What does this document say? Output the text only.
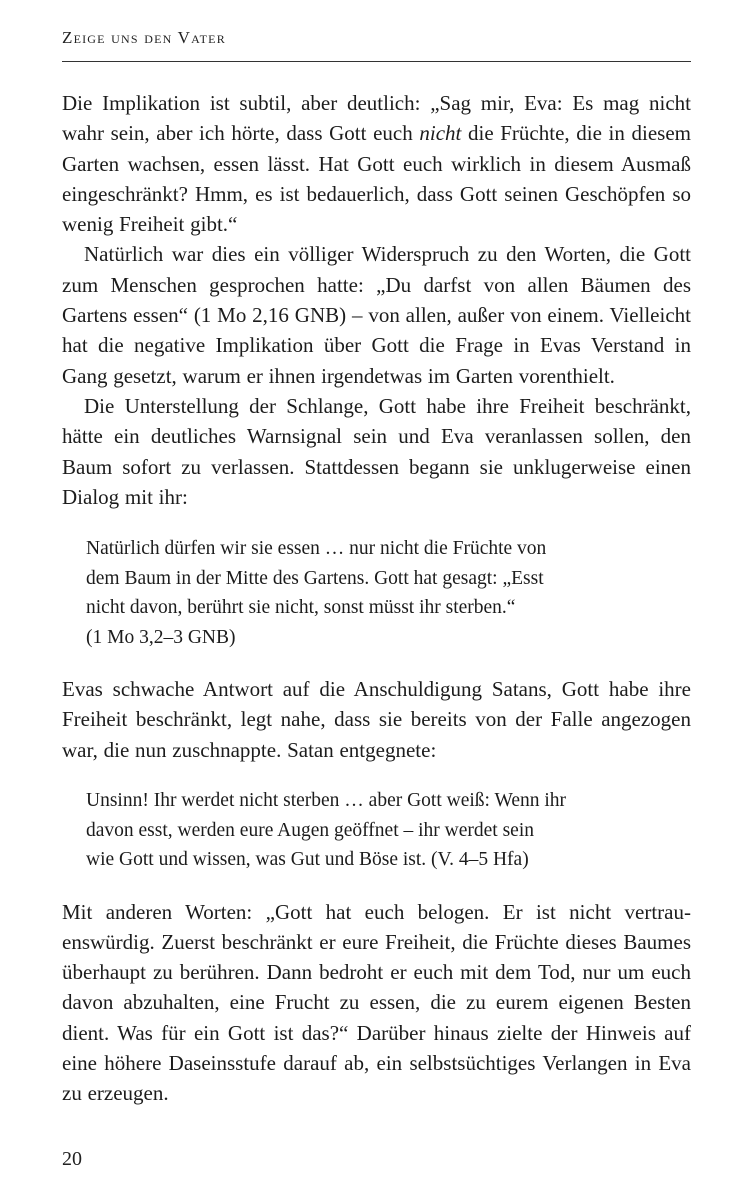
Zeige uns den Vater

Die Implikation ist subtil, aber deutlich: „Sag mir, Eva: Es mag nicht wahr sein, aber ich hörte, dass Gott euch nicht die Früchte, die in diesem Garten wachsen, essen lässt. Hat Gott euch wirklich in diesem Ausmaß eingeschränkt? Hmm, es ist bedauerlich, dass Gott seinen Geschöpfen so wenig Freiheit gibt.“

Natürlich war dies ein völliger Widerspruch zu den Worten, die Gott zum Menschen gesprochen hatte: „Du darfst von allen Bäumen des Gartens essen“ (1 Mo 2,16 GNB) – von allen, außer von einem. Vielleicht hat die negative Implikation über Gott die Frage in Evas Verstand in Gang gesetzt, warum er ihnen irgendetwas im Garten vorenthielt.

Die Unterstellung der Schlange, Gott habe ihre Freiheit beschränkt, hätte ein deutliches Warnsignal sein und Eva veranlassen sollen, den Baum sofort zu verlassen. Stattdessen begann sie unklugerweise einen Dialog mit ihr:

Natürlich dürfen wir sie essen … nur nicht die Früchte von
dem Baum in der Mitte des Gartens. Gott hat gesagt: „Esst
nicht davon, berührt sie nicht, sonst müsst ihr sterben.“
(1 Mo 3,2–3 GNB)

Evas schwache Antwort auf die Anschuldigung Satans, Gott habe ihre Freiheit beschränkt, legt nahe, dass sie bereits von der Falle angezogen war, die nun zuschnappte. Satan entgegnete:

Unsinn! Ihr werdet nicht sterben … aber Gott weiß: Wenn ihr
davon esst, werden eure Augen geöffnet – ihr werdet sein
wie Gott und wissen, was Gut und Böse ist. (V. 4–5 Hfa)

Mit anderen Worten: „Gott hat euch belogen. Er ist nicht vertrauenswürdig. Zuerst beschränkt er eure Freiheit, die Früchte dieses Baumes überhaupt zu berühren. Dann bedroht er euch mit dem Tod, nur um euch davon abzuhalten, eine Frucht zu essen, die zu eurem eigenen Besten dient. Was für ein Gott ist das?“ Darüber hinaus zielte der Hinweis auf eine höhere Daseinsstufe darauf ab, ein selbstsüchtiges Verlangen in Eva zu erzeugen.

20
